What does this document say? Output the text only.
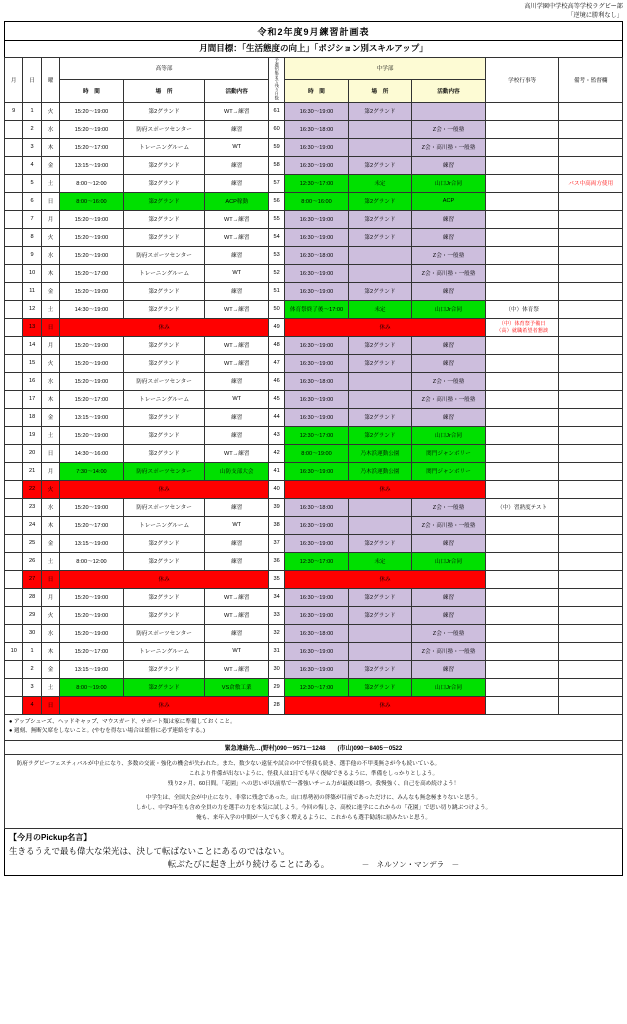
高川学園中学校高等学校ラグビー部
「逆境に勝利なし」
令和2年度9月練習計画表
月間目標：「生活態度の向上」「ポジション別スキルアップ」
月	日	曜	高等部			予選招集まで残り日数	中学部			学校行事等	備考・監督欄
			時　間	場　所	活動内容		時　間	場　所	活動内容		
9	1	火	15:20～19:00	第2グランド	WT→練習	61	16:30～19:00	第2グランド			
	2	水	15:20～19:00	防府スポーツセンター	練習	60	16:30～18:00		Z会・一般塾		
	3	木	15:20～17:00	トレーニングルーム	WT	59	16:30～19:00		Z会・高川塾・一般塾		
	4	金	13:15～19:00	第2グランド	練習	58	16:30～19:00	第2グランド	練習		
	5	土	8:00～12:00	第2グランド	練習	57	12:30～17:00	未定	山口Jr合同		バス中高両方使用
	6	日	8:00～16:00	第2グランド	ACP稼動	56	8:00～16:00	第2グランド	ACP		
	7	月	15:20～19:00	第2グランド	WT→練習	55	16:30～19:00	第2グランド	練習		
	8	火	15:20～19:00	第2グランド	WT→練習	54	16:30～19:00	第2グランド	練習		
	9	水	15:20～19:00	防府スポーツセンター	練習	53	16:30～18:00		Z会・一般塾		
	10	木	15:20～17:00	トレーニングルーム	WT	52	16:30～19:00		Z会・高川塾・一般塾		
	11	金	15:20～19:00	第2グランド	練習	51	16:30～19:00	第2グランド	練習		
	12	土	14:30～19:00	第2グランド	WT→練習	50	体育祭終了後～17:00	未定	山口Jr合同	（中）体育祭	
	13	日	休み			49	休み			（中）体育祭予備日
（高）就職希望者懇談	

	14	月	15:20～19:00	第2グランド	WT→練習	48	16:30～19:00	第2グランド	練習		
	15	火	15:20～19:00	第2グランド	WT→練習	47	16:30～19:00	第2グランド	練習		
	16	水	15:20～19:00	防府スポーツセンター	練習	46	16:30～18:00		Z会・一般塾		
	17	木	15:20～17:00	トレーニングルーム	WT	45	16:30～19:00		Z会・高川塾・一般塾		
	18	金	13:15～19:00	第2グランド	練習	44	16:30～19:00	第2グランド	練習		
	19	土	15:20～19:00	第2グランド	練習	43	12:30～17:00	第2グランド	山口Jr合同		
	20	日	14:30～16:00	第2グランド	WT→練習	42	8:00～19:00	乃木浜運動公園	関門ジャンボリー		
	21	月	7:30～14:00	防府スポーツセンター	山防支部大会	41	16:30～19:00	乃木浜運動公園	関門ジャンボリー		
	22	火	休み			40	休み				
	23	水	15:20～19:00	防府スポーツセンター	練習	39	16:30～18:00		Z会・一般塾	（中）習熟度テスト	
	24	木	15:20～17:00	トレーニングルーム	WT	38	16:30～19:00		Z会・高川塾・一般塾		
	25	金	13:15～19:00	第2グランド	練習	37	16:30～19:00	第2グランド	練習		
	26	土	8:00～12:00	第2グランド	練習	36	12:30～17:00	未定	山口Jr合同		
	27	日	休み			35	休み				
	28	月	15:20～19:00	第2グランド	WT→練習	34	16:30～19:00	第2グランド	練習		
	29	火	15:20～19:00	第2グランド	WT→練習	33	16:30～19:00	第2グランド	練習		
	30	水	15:20～19:00	防府スポーツセンター	練習	32	16:30～18:00		Z会・一般塾		
10	1	木	15:20～17:00	トレーニングルーム	WT	31	16:30～19:00		Z会・高川塾・一般塾		
	2	金	13:15～19:00	第2グランド	WT→練習	30	16:30～19:00	第2グランド	練習		
	3	土	8:00～19:00	第2グランド	VS倉敷工業	29	12:30～17:00	第2グランド	山口Jr合同		
	4	日	休み			28	休み				
● アップシューズ、ヘッドキャップ、マウスガード、サポート類は家に準備しておくこと。
● 週刻、無断欠席をしないこと。(やむを得ない場合は監督に必ず連絡をする。)
緊急連絡先…(野村)090－9571－1248　　(市山)090－8405－0522

防府ラグビーフェスティバルが中止になり、多数の交流・強化の機会が失われた。また、数少ない遠征や試合の中で怪我も続き、選手他の不甲斐無さが今も続いている。

これより件係が出ないように、怪我人は1日でも早く復帰できるように、準備をしっかりとしよう。

残り2ヶ月、60日間。「花園」への思いが以前県で一番強いチーム力が最後は勝つ。我慢強く、自己を高め続けよう！

中学生は、全国大会が中止になり、非常に残念であった。山口県勢初の啓築が目前であっただけに、みんなも無念極まりないと思う。

しかし、中学3年生も含め全員の力を選手の力を本気に試しよう。今回の悔しさ、高校に進学にこれからの「花園」で思い切り跳ぶつけよう。

俺も、来年入学の中間が一人でも多く増えるように、これからも選手勧誘に励みたいと思う。

【今月のPickup名言】
生きるうえで最も偉大な栄光は、決して転ばないことにあるのではない。
転ぶたびに起き上がり続けることにある。	－　ネルソン・マンデラ　－
